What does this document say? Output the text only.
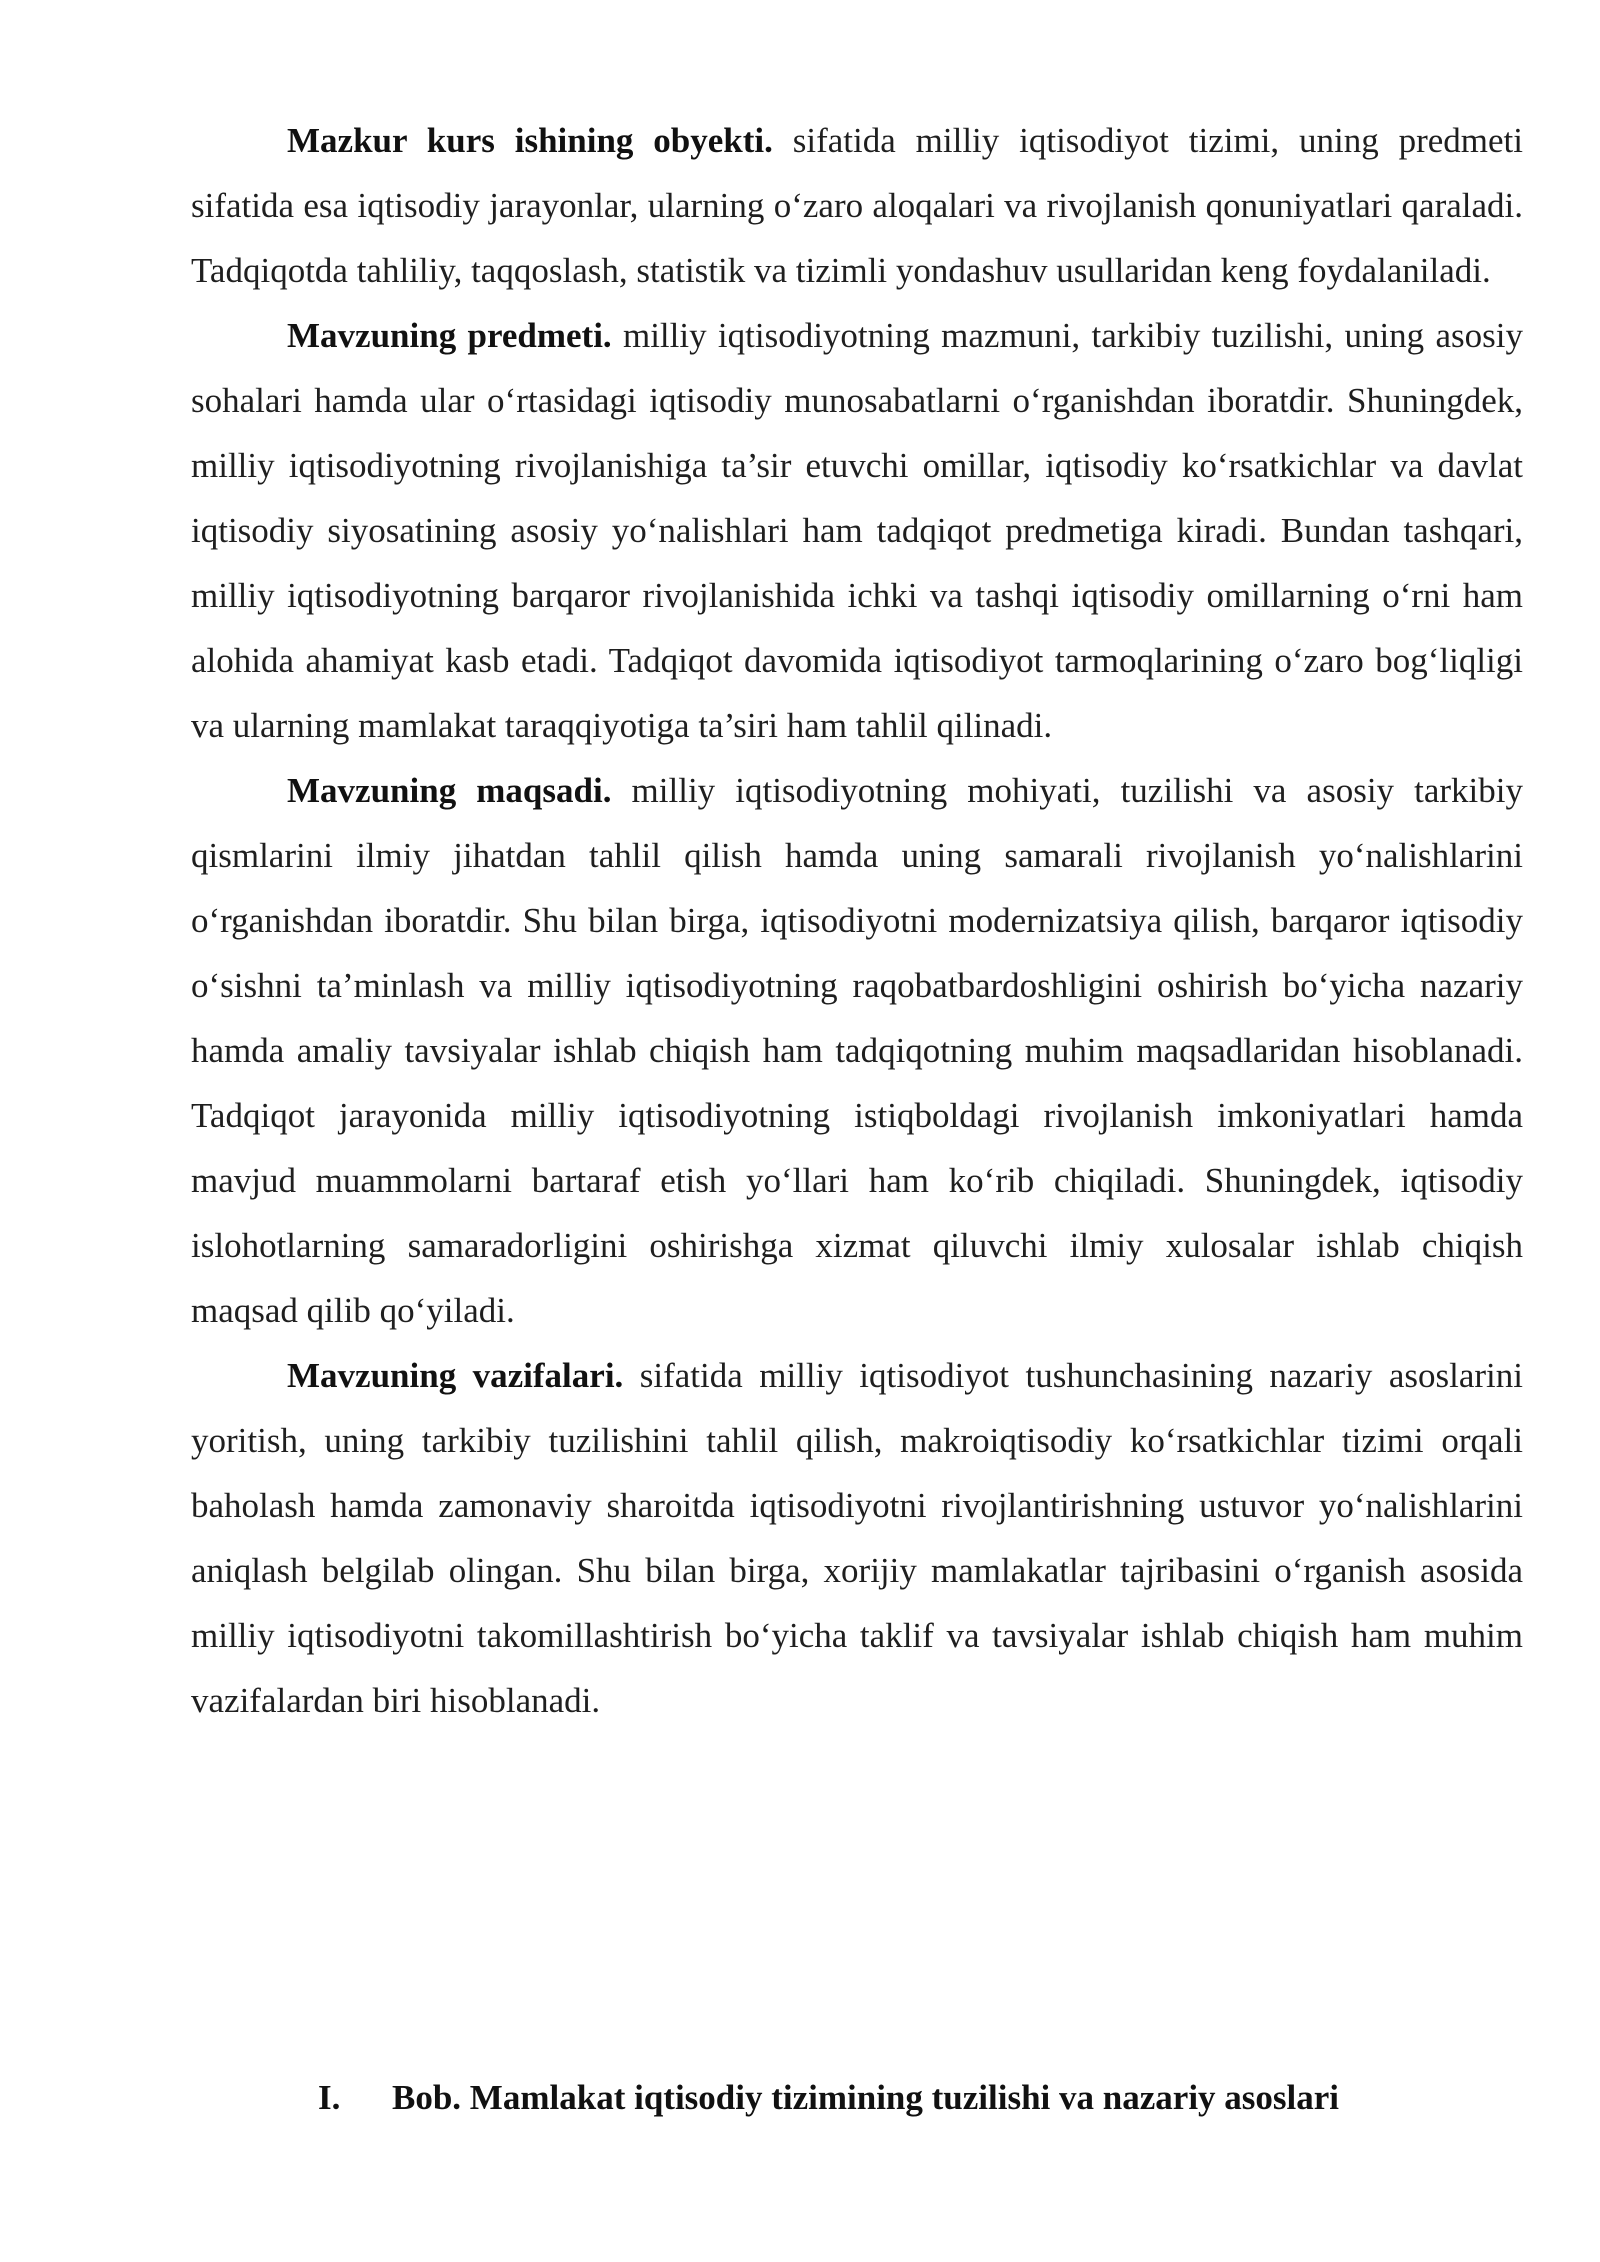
Mazkur kurs ishining obyekti. sifatida milliy iqtisodiyot tizimi, uning predmeti sifatida esa iqtisodiy jarayonlar, ularning o‘zaro aloqalari va rivojlanish qonuniyatlari qaraladi. Tadqiqotda tahliliy, taqqoslash, statistik va tizimli yondashuv usullaridan keng foydalaniladi.

Mavzuning predmeti. milliy iqtisodiyotning mazmuni, tarkibiy tuzilishi, uning asosiy sohalari hamda ular o‘rtasidagi iqtisodiy munosabatlarni o‘rganishdan iboratdir. Shuningdek, milliy iqtisodiyotning rivojlanishiga ta’sir etuvchi omillar, iqtisodiy ko‘rsatkichlar va davlat iqtisodiy siyosatining asosiy yo‘nalishlari ham tadqiqot predmetiga kiradi. Bundan tashqari, milliy iqtisodiyotning barqaror rivojlanishida ichki va tashqi iqtisodiy omillarning o‘rni ham alohida ahamiyat kasb etadi. Tadqiqot davomida iqtisodiyot tarmoqlarining o‘zaro bog‘liqligi va ularning mamlakat taraqqiyotiga ta’siri ham tahlil qilinadi.

Mavzuning maqsadi. milliy iqtisodiyotning mohiyati, tuzilishi va asosiy tarkibiy qismlarini ilmiy jihatdan tahlil qilish hamda uning samarali rivojlanish yo‘nalishlarini o‘rganishdan iboratdir. Shu bilan birga, iqtisodiyotni modernizatsiya qilish, barqaror iqtisodiy o‘sishni ta’minlash va milliy iqtisodiyotning raqobatbardoshligini oshirish bo‘yicha nazariy hamda amaliy tavsiyalar ishlab chiqish ham tadqiqotning muhim maqsadlaridan hisoblanadi. Tadqiqot jarayonida milliy iqtisodiyotning istiqboldagi rivojlanish imkoniyatlari hamda mavjud muammolarni bartaraf etish yo‘llari ham ko‘rib chiqiladi. Shuningdek, iqtisodiy islohotlarning samaradorligini oshirishga xizmat qiluvchi ilmiy xulosalar ishlab chiqish maqsad qilib qo‘yiladi.

Mavzuning vazifalari. sifatida milliy iqtisodiyot tushunchasining nazariy asoslarini yoritish, uning tarkibiy tuzilishini tahlil qilish, makroiqtisodiy ko‘rsatkichlar tizimi orqali baholash hamda zamonaviy sharoitda iqtisodiyotni rivojlantirishning ustuvor yo‘nalishlarini aniqlash belgilab olingan. Shu bilan birga, xorijiy mamlakatlar tajribasini o‘rganish asosida milliy iqtisodiyotni takomillashtirish bo‘yicha taklif va tavsiyalar ishlab chiqish ham muhim vazifalardan biri hisoblanadi.

I. Bob. Mamlakat iqtisodiy tizimining tuzilishi va nazariy asoslari
